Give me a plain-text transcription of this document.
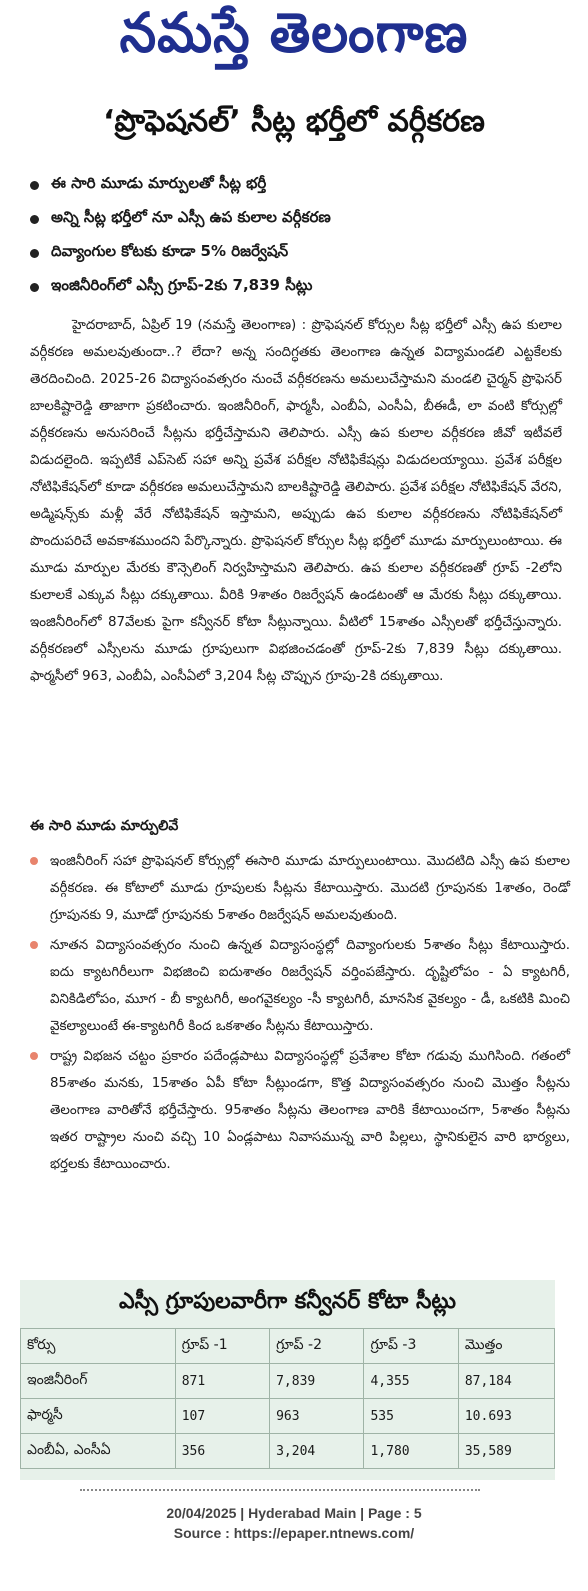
నమస్తే తెలంగాణ
‘ప్రొఫెషనల్’ సీట్ల భర్తీలో వర్గీకరణ
ఈ సారి మూడు మార్పులతో సీట్ల భర్తీ
అన్ని సీట్ల భర్తీలో నూ ఎస్సీ ఉప కులాల వర్గీకరణ
దివ్యాంగుల కోటకు కూడా 5% రిజర్వేషన్
ఇంజినీరింగ్‌లో ఎస్సీ గ్రూప్-2కు 7,839 సీట్లు

హైదరాబాద్, ఏప్రిల్ 19 (నమస్తే తెలంగాణ) : ప్రొఫెషనల్ కోర్సుల సీట్ల భర్తీలో ఎస్సీ ఉప కులాల వర్గీకరణ అమలవుతుందా..? లేదా? అన్న సందిగ్ధతకు తెలంగాణ ఉన్నత విద్యామండలి ఎట్టకేలకు తెరదించింది. 2025-26 విద్యాసంవత్సరం నుంచే వర్గీకరణను అమలుచేస్తామని మండలి చైర్మన్ ప్రొఫెసర్ బాలకిష్టారెడ్డి తాజాగా ప్రకటించారు. ఇంజినీరింగ్, ఫార్మసీ, ఎంబీఏ, ఎంసీఏ, బీఈడీ, లా వంటి కోర్సుల్లో వర్గీకరణను అనుసరించే సీట్లను భర్తీచేస్తామని తెలిపారు. ఎస్సీ ఉప కులాల వర్గీకరణ జీవో ఇటీవలే విడుదలైంది. ఇప్పటికే ఎప్‌సెట్ సహా అన్ని ప్రవేశ పరీక్షల నోటిఫికేషన్లు విడుదలయ్యాయి. ప్రవేశ పరీక్షల నోటిఫికేషన్‌లో కూడా వర్గీకరణ అమలుచేస్తామని బాలకిష్టారెడ్డి తెలిపారు. ప్రవేశ పరీక్షల నోటిఫికేషన్ వేరని, అడ్మిషన్స్‌కు మళ్లీ వేరే నోటిఫికేషన్ ఇస్తామని, అప్పుడు ఉప కులాల వర్గీకరణను నోటిఫికేషన్‌లో పొందుపరిచే అవకాశముందని పేర్కొన్నారు. ప్రొఫెషనల్ కోర్సుల సీట్ల భర్తీలో మూడు మార్పులుంటాయి. ఈ మూడు మార్పుల మేరకు కౌన్సెలింగ్ నిర్వహిస్తామని తెలిపారు. ఉప కులాల వర్గీకరణతో గ్రూప్ -2లోని కులాలకే ఎక్కువ సీట్లు దక్కుతాయి. వీరికి 9శాతం రిజర్వేషన్ ఉండటంతో ఆ మేరకు సీట్లు దక్కుతాయి. ఇంజినీరింగ్‌లో 87వేలకు పైగా కన్వీనర్ కోటా సీట్లున్నాయి. వీటిలో 15శాతం ఎస్సీలతో భర్తీచేస్తున్నారు. వర్గీకరణలో ఎస్సీలను మూడు గ్రూపులుగా విభజించడంతో గ్రూప్-2కు 7,839 సీట్లు దక్కుతాయి. ఫార్మసీలో 963, ఎంబీఏ, ఎంసీఏలో 3,204 సీట్ల చొప్పున గ్రూపు-2కి దక్కుతాయి.

ఈ సారి మూడు మార్పులివే

ఇంజినీరింగ్ సహా ప్రొఫెషనల్ కోర్సుల్లో ఈసారి మూడు మార్పులుంటాయి. మొదటిది ఎస్సీ ఉప కులాల వర్గీకరణ. ఈ కోటాలో మూడు గ్రూపులకు సీట్లను కేటాయిస్తారు. మొదటి గ్రూపునకు 1శాతం, రెండో గ్రూపునకు 9, మూడో గ్రూపునకు 5శాతం రిజర్వేషన్ అమలవుతుంది.

నూతన విద్యాసంవత్సరం నుంచి ఉన్నత విద్యాసంస్థల్లో దివ్యాంగులకు 5శాతం సీట్లు కేటాయిస్తారు. ఐదు క్యాటగిరీలుగా విభజించి ఐదుశాతం రిజర్వేషన్ వర్తింపజేస్తారు. దృష్టిలోపం - ఏ క్యాటగిరీ, వినికిడిలోపం, మూగ - బీ క్యాటగిరీ, అంగవైకల్యం -సీ క్యాటగిరీ, మానసిక వైకల్యం - డీ, ఒకటికి మించి వైకల్యాలుంటే ఈ-క్యాటగిరీ కింద ఒకశాతం సీట్లను కేటాయిస్తారు.

రాష్ట్ర విభజన చట్టం ప్రకారం పదేండ్లపాటు విద్యాసంస్థల్లో ప్రవేశాల కోటా గడువు ముగిసింది. గతంలో 85శాతం మనకు, 15శాతం ఏపీ కోటా సీట్లుండగా, కొత్త విద్యాసంవత్సరం నుంచి మొత్తం సీట్లను తెలంగాణ వారితోనే భర్తీచేస్తారు. 95శాతం సీట్లను తెలంగాణ వారికి కేటాయించగా, 5శాతం సీట్లను ఇతర రాష్ట్రాల నుంచి వచ్చి 10 ఏండ్లపాటు నివాసమున్న వారి పిల్లలు, స్థానికులైన వారి భార్యలు, భర్తలకు కేటాయించారు.

ఎస్సీ గ్రూపులవారీగా కన్వీనర్ కోటా సీట్లు
కోర్సు	గ్రూప్ -1	గ్రూప్ -2	గ్రూప్ -3	మొత్తం
ఇంజినీరింగ్	871	7,839	4,355	87,184
ఫార్మసీ	107	963	535	10.693
ఎంబీఏ, ఎంసీఏ	356	3,204	1,780	35,589
20/04/2025 | Hyderabad Main | Page : 5
Source : https://epaper.ntnews.com/
